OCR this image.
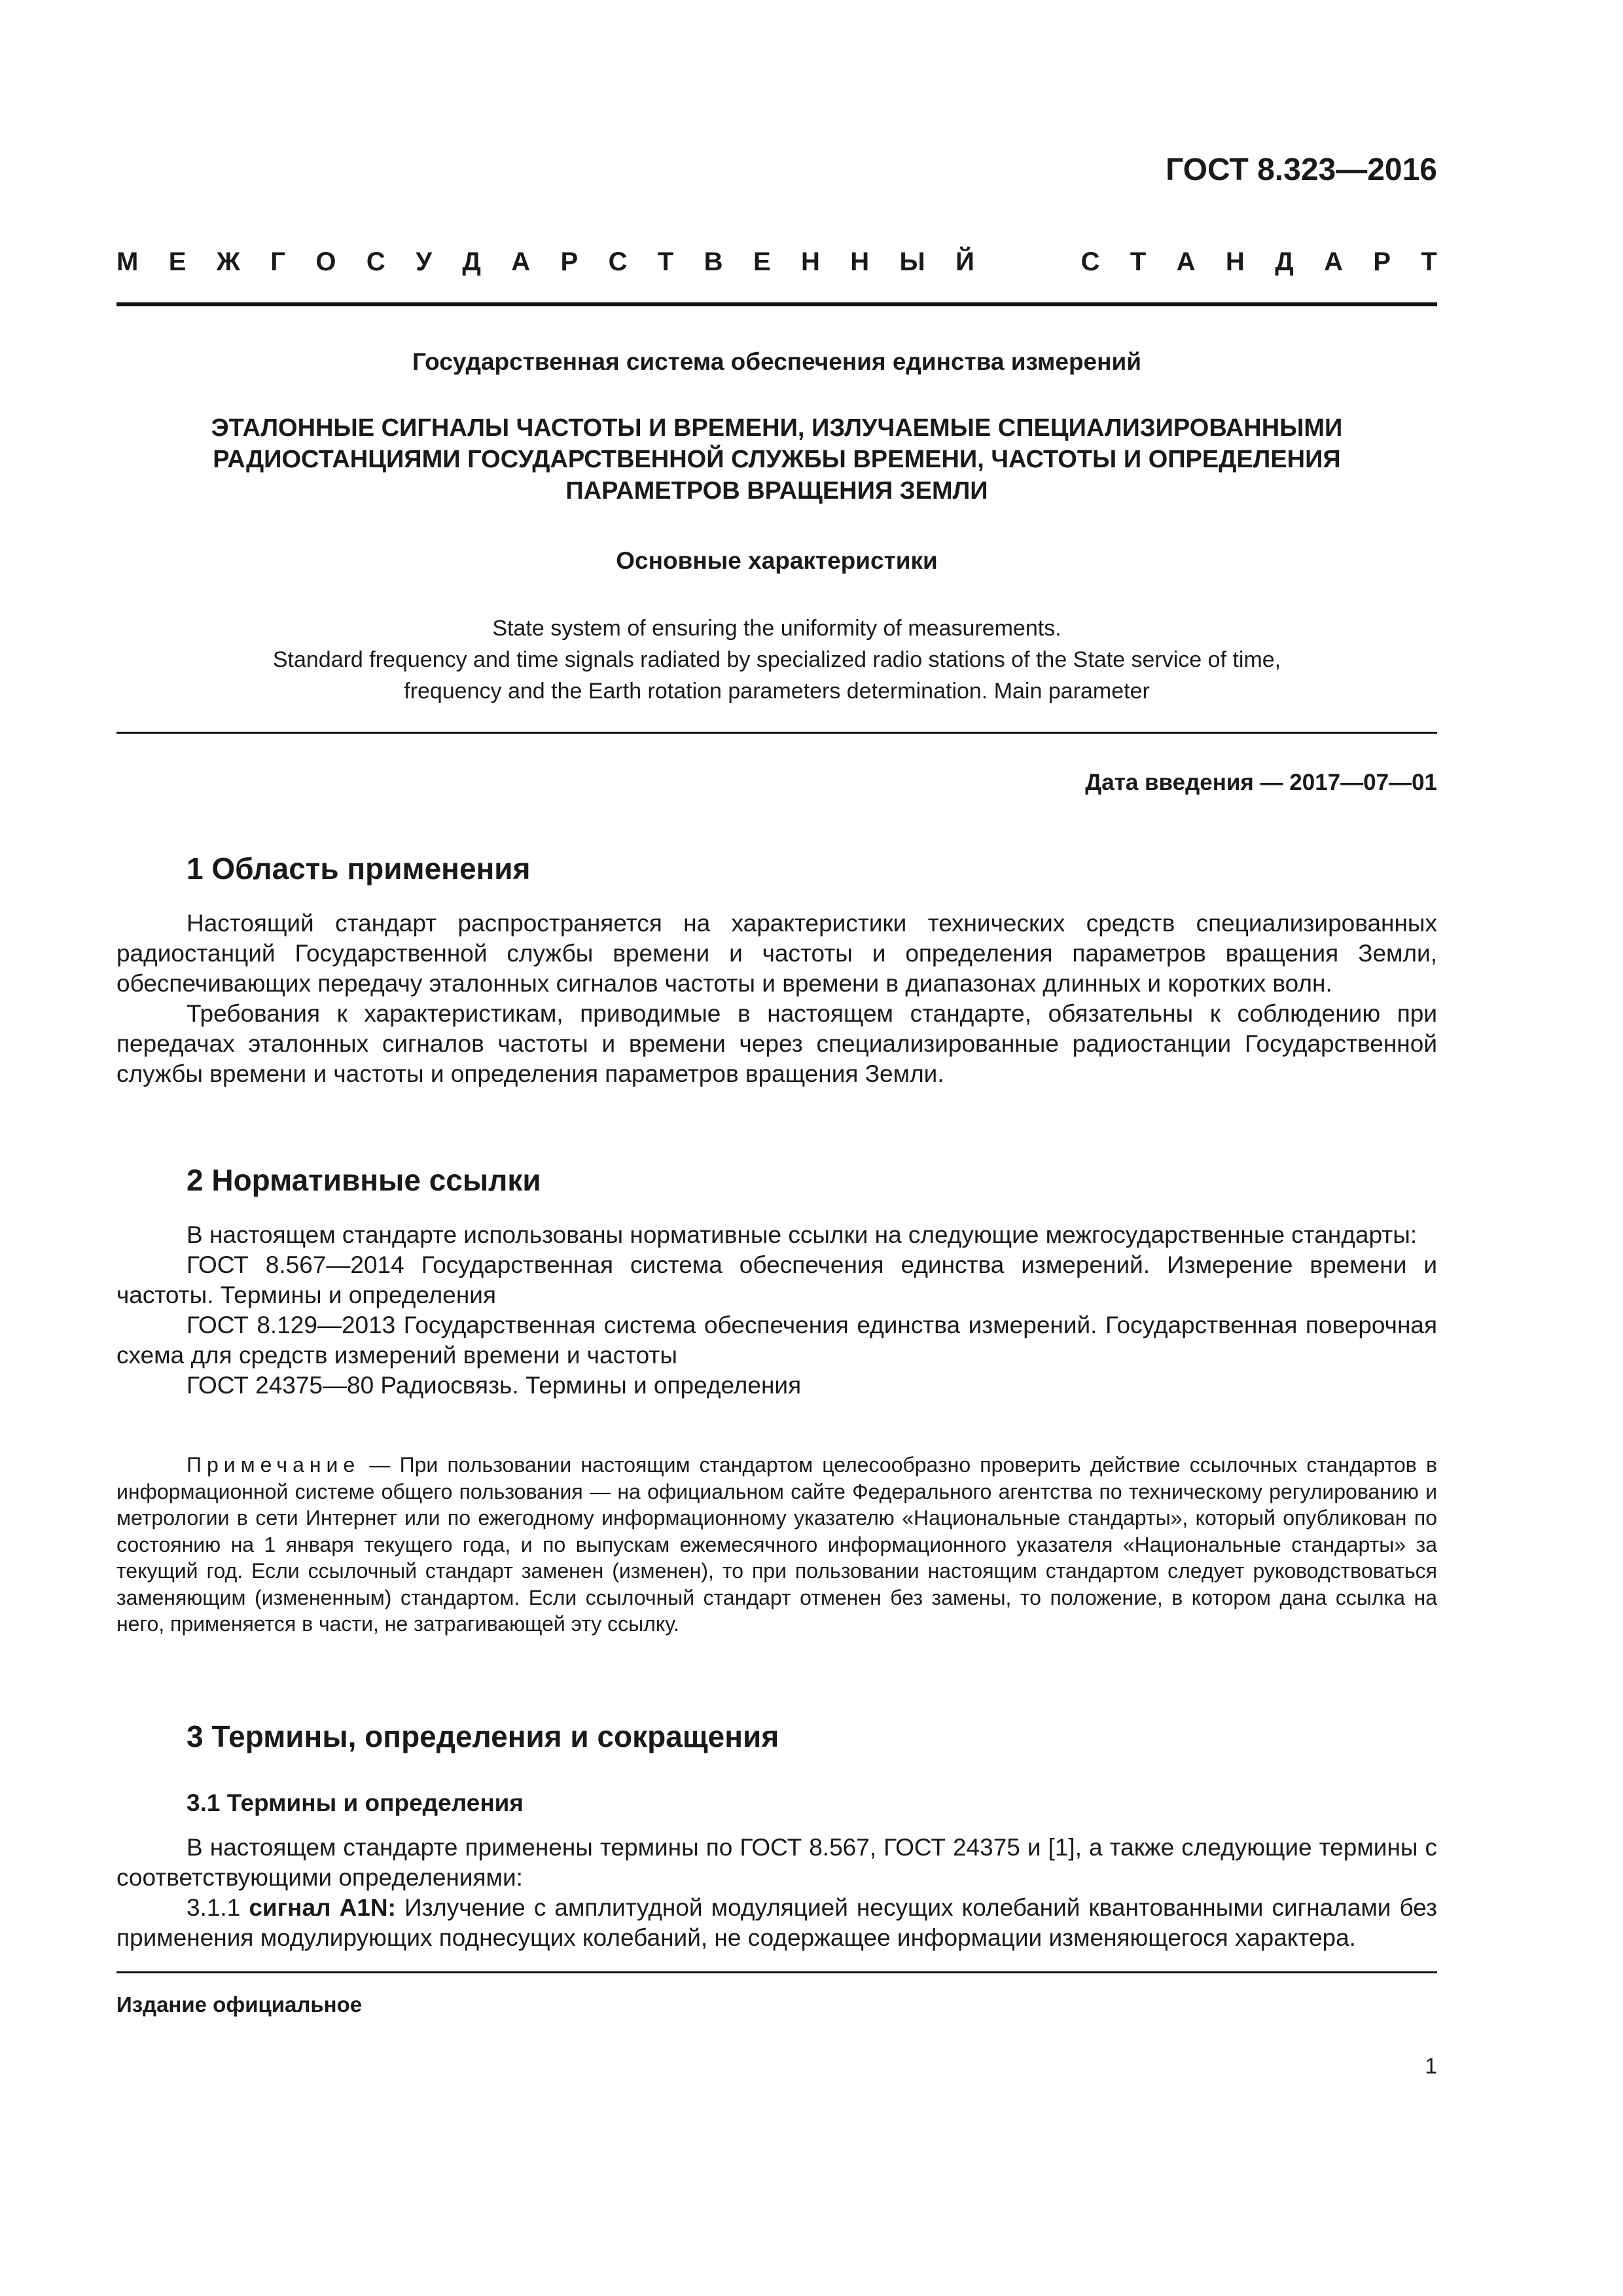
ГОСТ 8.323—2016
М Е Ж Г О С У Д А Р С Т В Е Н Н Ы Й	С Т А Н Д А Р Т
Государственная система обеспечения единства измерений
ЭТАЛОННЫЕ СИГНАЛЫ ЧАСТОТЫ И ВРЕМЕНИ, ИЗЛУЧАЕМЫЕ СПЕЦИАЛИЗИРОВАННЫМИ
РАДИОСТАНЦИЯМИ ГОСУДАРСТВЕННОЙ СЛУЖБЫ ВРЕМЕНИ, ЧАСТОТЫ И ОПРЕДЕЛЕНИЯ
ПАРАМЕТРОВ ВРАЩЕНИЯ ЗЕМЛИ
Основные характеристики
State system of ensuring the uniformity of measurements.
Standard frequency and time signals radiated by specialized radio stations of the State service of time,
frequency and the Earth rotation parameters determination. Main parameter
Дата введения — 2017—07—01
1 Область применения

Настоящий стандарт распространяется на характеристики технических средств специализированных радиостанций Государственной службы времени и частоты и определения параметров вращения Земли, обеспечивающих передачу эталонных сигналов частоты и времени в диапазонах длинных и коротких волн.

Требования к характеристикам, приводимые в настоящем стандарте, обязательны к соблюдению при передачах эталонных сигналов частоты и времени через специализированные радиостанции Государственной службы времени и частоты и определения параметров вращения Земли.

2 Нормативные ссылки

В настоящем стандарте использованы нормативные ссылки на следующие межгосударственные стандарты:

ГОСТ 8.567—2014 Государственная система обеспечения единства измерений. Измерение времени и частоты. Термины и определения

ГОСТ 8.129—2013 Государственная система обеспечения единства измерений. Государственная поверочная схема для средств измерений времени и частоты

ГОСТ 24375—80 Радиосвязь. Термины и определения

Примечание — При пользовании настоящим стандартом целесообразно проверить действие ссылочных стандартов в информационной системе общего пользования — на официальном сайте Федерального агентства по техническому регулированию и метрологии в сети Интернет или по ежегодному информационному указателю «Национальные стандарты», который опубликован по состоянию на 1 января текущего года, и по выпускам ежемесячного информационного указателя «Национальные стандарты» за текущий год. Если ссылочный стандарт заменен (изменен), то при пользовании настоящим стандартом следует руководствоваться заменяющим (измененным) стандартом. Если ссылочный стандарт отменен без замены, то положение, в котором дана ссылка на него, применяется в части, не затрагивающей эту ссылку.

3 Термины, определения и сокращения
3.1 Термины и определения

В настоящем стандарте применены термины по ГОСТ 8.567, ГОСТ 24375 и [1], а также следующие термины с соответствующими определениями:

3.1.1 сигнал A1N: Излучение с амплитудной модуляцией несущих колебаний квантованными сигналами без применения модулирующих поднесущих колебаний, не содержащее информации изменяющегося характера.

Издание официальное
1
